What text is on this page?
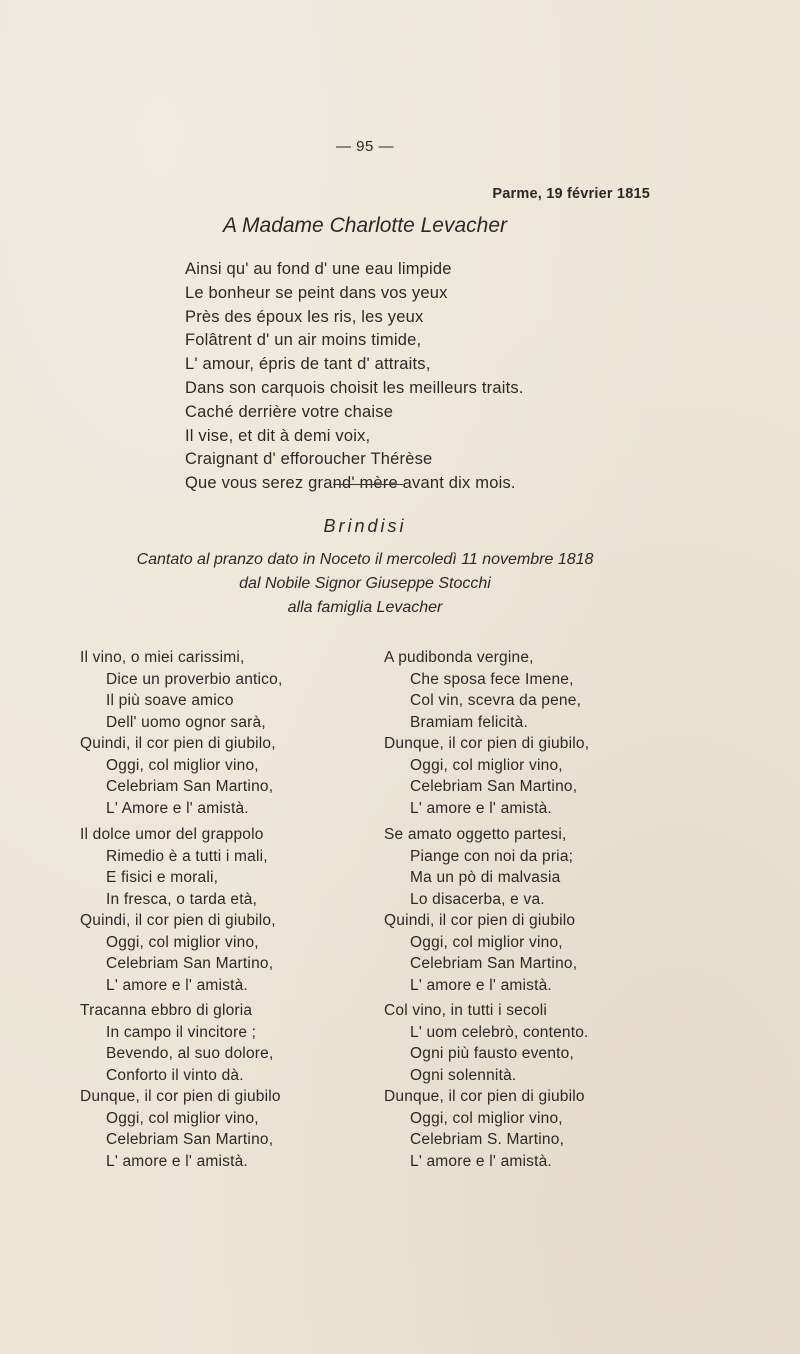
— 95 —
Parme, 19 février 1815
A Madame Charlotte Levacher
Ainsi qu' au fond d' une eau limpide
Le bonheur se peint dans vos yeux
Près des époux les ris, les yeux
Folâtrent d' un air moins timide,
L' amour, épris de tant d' attraits,
Dans son carquois choisit les meilleurs traits.
Caché derrière votre chaise
Il vise, et dit à demi voix,
Craignant d' efforoucher Thérèse
Que vous serez grand' mère avant dix mois.
Brindisi
Cantato al pranzo dato in Noceto il mercoledì 11 novembre 1818
dal Nobile Signor Giuseppe Stocchi
alla famiglia Levacher
Il vino, o miei carissimi,
Dice un proverbio antico,
Il più soave amico
Dell' uomo ognor sarà,
Quindi, il cor pien di giubilo,
Oggi, col miglior vino,
Celebriam San Martino,
L' Amore e l' amistà.
A pudibonda vergine,
Che sposa fece Imene,
Col vin, scevra da pene,
Bramiam felicità.
Dunque, il cor pien di giubilo,
Oggi, col miglior vino,
Celebriam San Martino,
L' amore e l' amistà.
Il dolce umor del grappolo
Rimedio è a tutti i mali,
E fisici e morali,
In fresca, o tarda età,
Quindi, il cor pien di giubilo,
Oggi, col miglior vino,
Celebriam San Martino,
L' amore e l' amistà.
Se amato oggetto partesi,
Piange con noi da pria;
Ma un pò di malvasia
Lo disacerba, e va.
Quindi, il cor pien di giubilo
Oggi, col miglior vino,
Celebriam San Martino,
L' amore e l' amistà.
Tracanna ebbro di gloria
In campo il vincitore ;
Bevendo, al suo dolore,
Conforto il vinto dà.
Dunque, il cor pien di giubilo
Oggi, col miglior vino,
Celebriam San Martino,
L' amore e l' amistà.
Col vino, in tutti i secoli
L' uom celebrò, contento.
Ogni più fausto evento,
Ogni solennità.
Dunque, il cor pien di giubilo
Oggi, col miglior vino,
Celebriam S. Martino,
L' amore e l' amistà.
